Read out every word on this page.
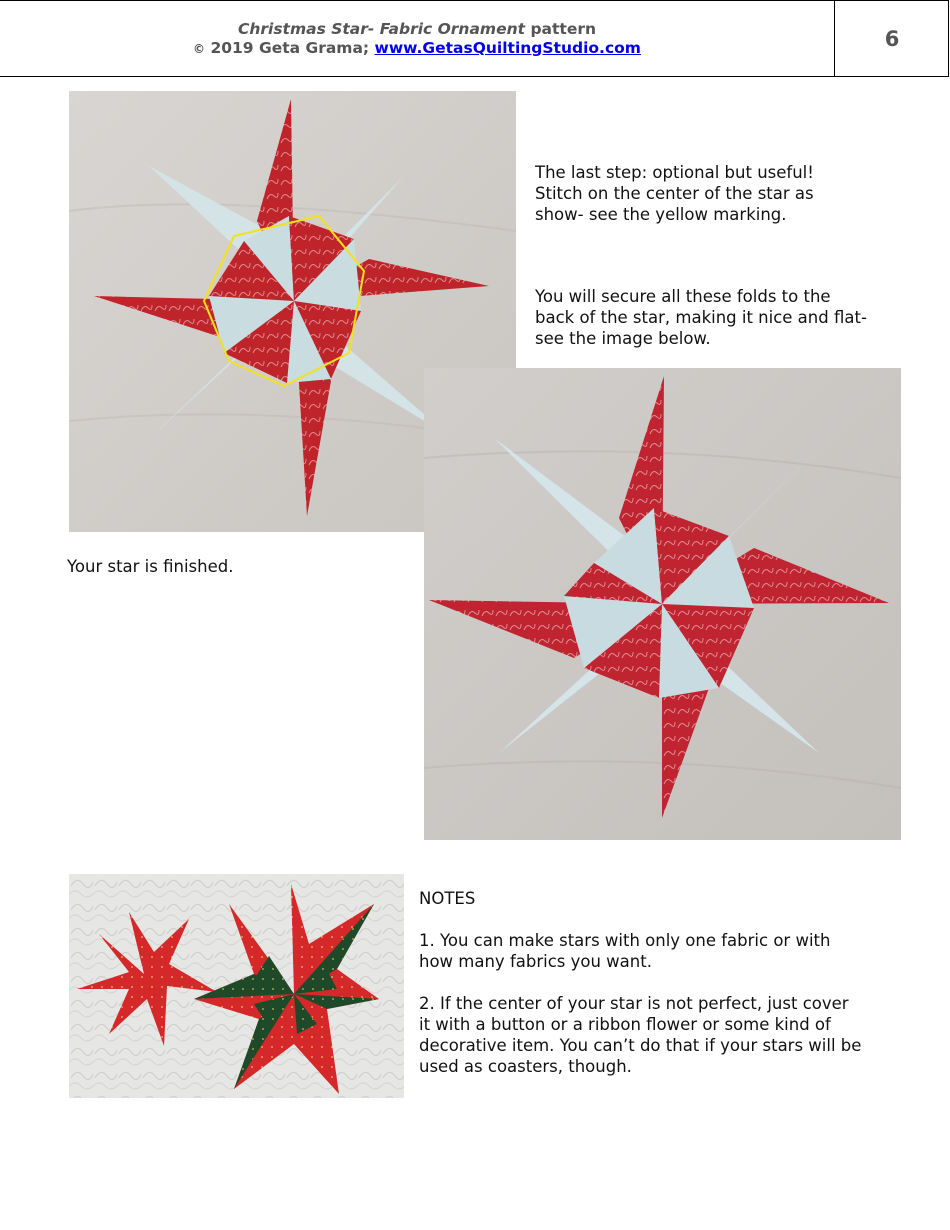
Christmas Star- Fabric Ornament pattern
© 2019 Geta Grama; www.GetasQuiltingStudio.com	6

The last step: optional but useful!

Stitch on the center of the star as

show- see the yellow marking.

You will secure all these folds to the

back of the star, making it nice and flat-

see the image below.

Your star is finished.

NOTES

1. You can make stars with only one fabric or with

how many fabrics you want.

2. If the center of your star is not perfect, just cover

it with a button or a ribbon flower or some kind of

decorative item. You can’t do that if your stars will be

used as coasters, though.
